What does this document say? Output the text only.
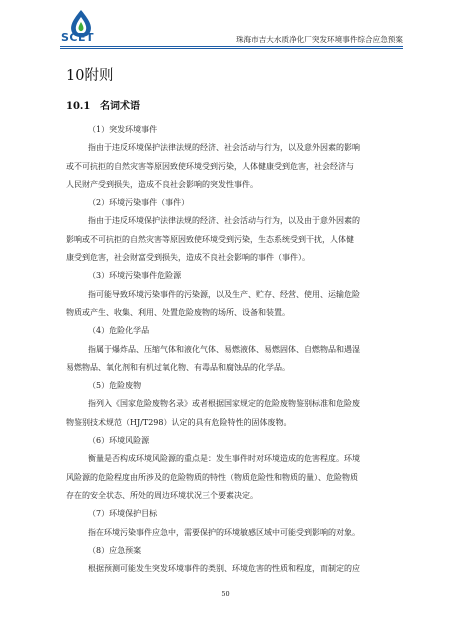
SCET	珠海市吉大水质净化厂突发环境事件综合应急预案
10附则
10.1 名词术语

（1）突发环境事件

指由于违反环境保护法律法规的经济、社会活动与行为，以及意外因素的影响

或不可抗拒的自然灾害等原因致使环境受到污染，人体健康受到危害，社会经济与

人民财产受到损失，造成不良社会影响的突发性事件。

（2）环境污染事件（事件）

指由于违反环境保护法律法规的经济、社会活动与行为，以及由于意外因素的

影响或不可抗拒的自然灾害等原因致使环境受到污染，生态系统受到干扰，人体健

康受到危害，社会财富受到损失，造成不良社会影响的事件（事件）。

（3）环境污染事件危险源

指可能导致环境污染事件的污染源，以及生产、贮存、经营、使用、运输危险

物质或产生、收集、利用、处置危险废物的场所、设备和装置。

（4）危险化学品

指属于爆炸品、压缩气体和液化气体、易燃液体、易燃固体、自燃物品和遇湿

易燃物品、氧化剂和有机过氧化物、有毒品和腐蚀品的化学品。

（5）危险废物

指列入《国家危险废物名录》或者根据国家规定的危险废物鉴别标准和危险废

物鉴别技术规范（HJ/T298）认定的具有危险特性的固体废物。

（6）环境风险源

衡量是否构成环境风险源的重点是：发生事件时对环境造成的危害程度。环境

风险源的危险程度由所涉及的危险物质的特性（物质危险性和物质的量）、危险物质

存在的安全状态、所处的周边环境状况三个要素决定。

（7）环境保护目标

指在环境污染事件应急中，需要保护的环境敏感区域中可能受到影响的对象。

（8）应急预案

根据预测可能发生突发环境事件的类别、环境危害的性质和程度，而制定的应

50
